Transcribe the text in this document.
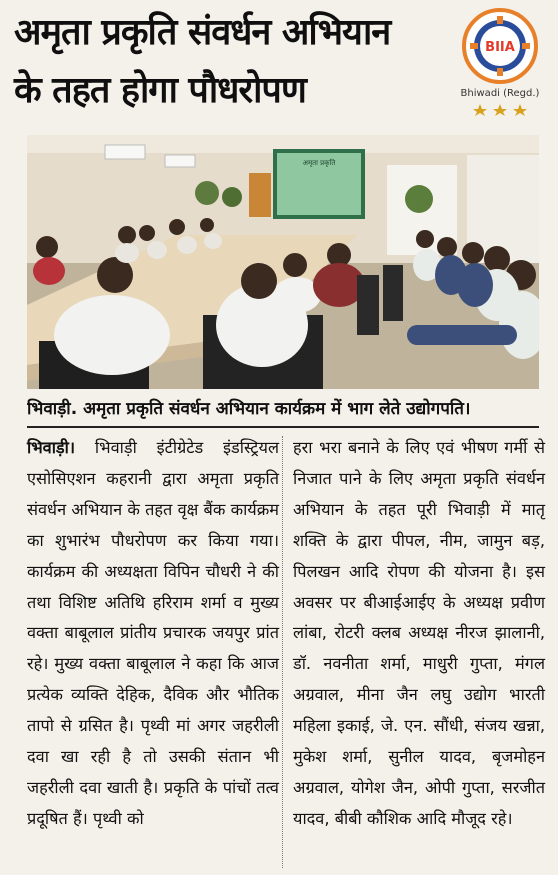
अमृता प्रकृति संवर्धन अभियान
के तहत होगा पौधरोपण
BIIA
Bhiwadi (Regd.)
अमृता प्रकृति
भिवाड़ी. अमृता प्रकृति संवर्धन अभियान कार्यक्रम में भाग लेते उद्योगपति।

भिवाड़ी। भिवाड़ी इंटीग्रेटेड इंडस्ट्रियल एसोसिएशन कहरानी द्वारा अमृता प्रकृति संवर्धन अभियान के तहत वृक्ष बैंक कार्यक्रम का शुभारंभ पौधरोपण कर किया गया। कार्यक्रम की अध्यक्षता विपिन चौधरी ने की तथा विशिष्ट अतिथि हरिराम शर्मा व मुख्य वक्ता बाबूलाल प्रांतीय प्रचारक जयपुर प्रांत रहे। मुख्य वक्ता बाबूलाल ने कहा कि आज प्रत्येक व्यक्ति देहिक, दैविक और भौतिक तापो से ग्रसित है। पृथ्वी मां अगर जहरीली दवा खा रही है तो उसकी संतान भी जहरीली दवा खाती है। प्रकृति के पांचों तत्व प्रदूषित हैं। पृथ्वी को

हरा भरा बनाने के लिए एवं भीषण गर्मी से निजात पाने के लिए अमृता प्रकृति संवर्धन अभियान के तहत पूरी भिवाड़ी में मातृ शक्ति के द्वारा पीपल, नीम, जामुन बड़, पिलखन आदि रोपण की योजना है। इस अवसर पर बीआईआईए के अध्यक्ष प्रवीण लांबा, रोटरी क्लब अध्यक्ष नीरज झालानी, डॉ. नवनीता शर्मा, माधुरी गुप्ता, मंगल अग्रवाल, मीना जैन लघु उद्योग भारती महिला इकाई, जे. एन. सौंधी, संजय खन्ना, मुकेश शर्मा, सुनील यादव, बृजमोहन अग्रवाल, योगेश जैन, ओपी गुप्ता, सरजीत यादव, बीबी कौशिक आदि मौजूद रहे।
